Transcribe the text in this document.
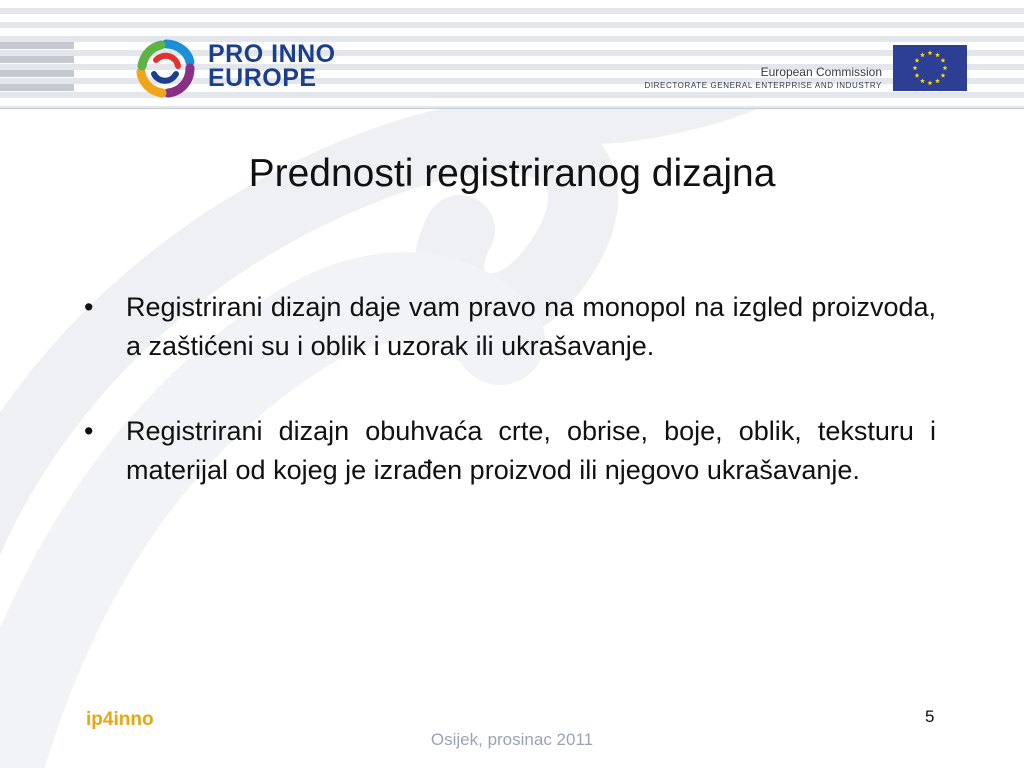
PRO INNO
EUROPE	European Commission
DIRECTORATE GENERAL ENTERPRISE AND INDUSTRY
Prednosti registriranog dizajna
•	Registrirani dizajn daje vam pravo na monopol na izgled proizvoda, a zaštićeni su i oblik i uzorak ili ukrašavanje.

•	Registrirani dizajn obuhvaća crte, obrise, boje, oblik, teksturu i materijal od kojeg je izrađen proizvod ili njegovo ukrašavanje.

ip4inno
Osijek, prosinac 2011
5
